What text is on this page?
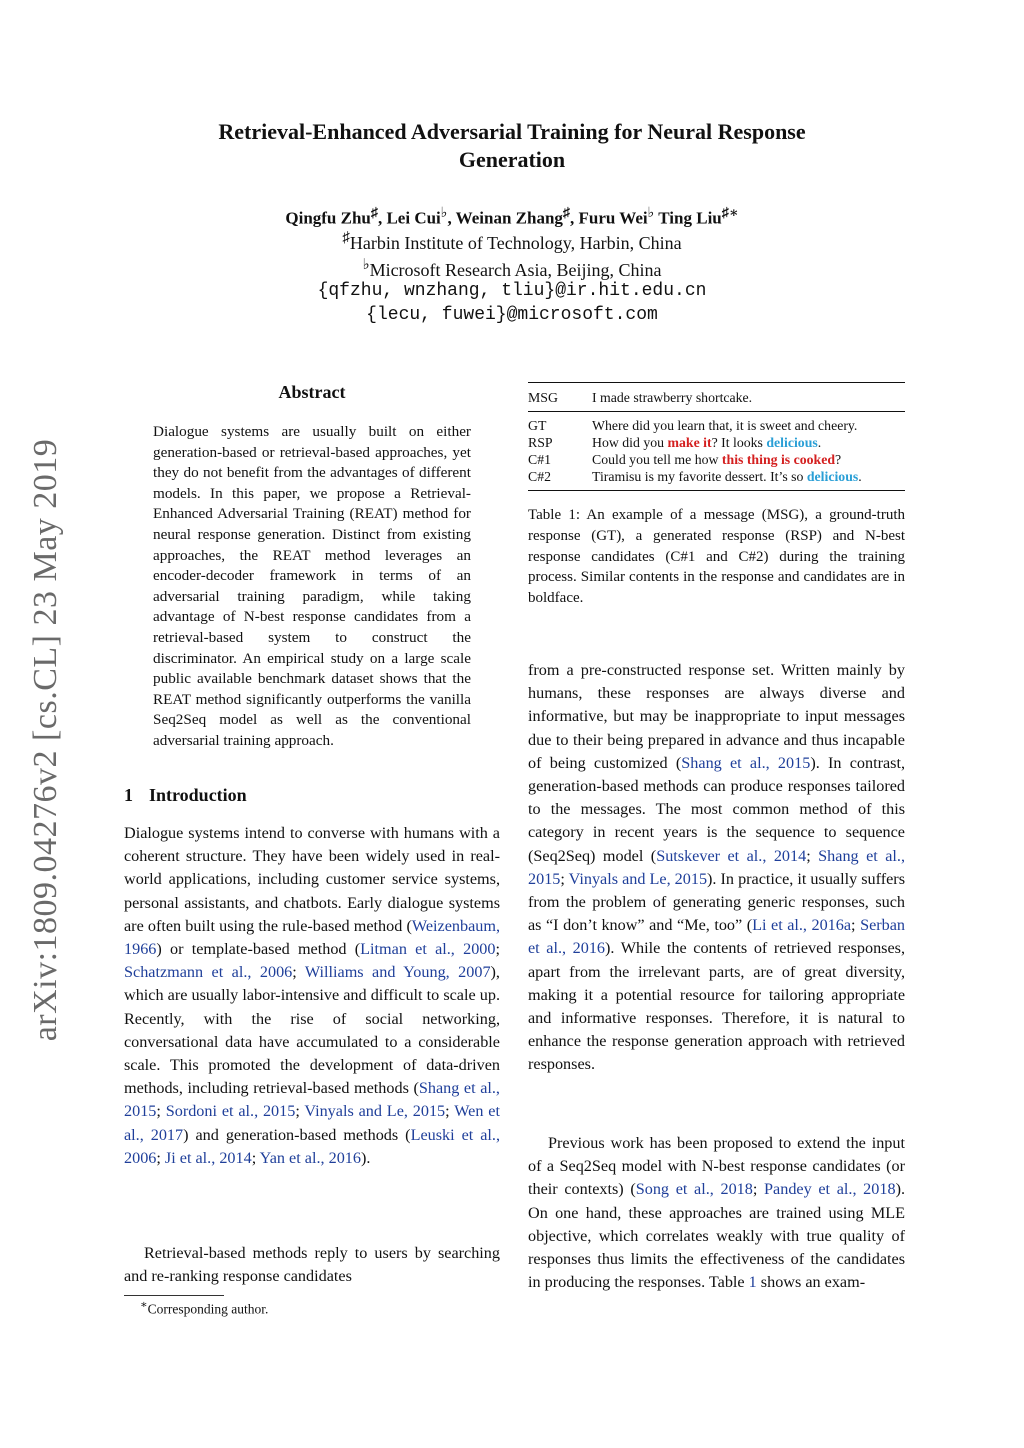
arXiv:1809.04276v2 [cs.CL] 23 May 2019
Retrieval-Enhanced Adversarial Training for Neural Response
Generation
Qingfu Zhu♯, Lei Cui♭, Weinan Zhang♯, Furu Wei♭ Ting Liu♯∗
♯Harbin Institute of Technology, Harbin, China
♭Microsoft Research Asia, Beijing, China
{qfzhu, wnzhang, tliu}@ir.hit.edu.cn
{lecu, fuwei}@microsoft.com
Abstract
Dialogue systems are usually built on either generation-based or retrieval-based approaches, yet they do not benefit from the advantages of different models. In this paper, we propose a Retrieval-Enhanced Adversarial Training (REAT) method for neural response generation. Distinct from existing approaches, the REAT method leverages an encoder-decoder framework in terms of an adversarial training paradigm, while taking advantage of N-best response candidates from a retrieval-based system to construct the discriminator. An empirical study on a large scale public available benchmark dataset shows that the REAT method significantly outperforms the vanilla Seq2Seq model as well as the conventional adversarial training approach.
1 Introduction
Dialogue systems intend to converse with humans with a coherent structure. They have been widely used in real-world applications, including customer service systems, personal assistants, and chatbots. Early dialogue systems are often built using the rule-based method (Weizenbaum, 1966) or template-based method (Litman et al., 2000; Schatzmann et al., 2006; Williams and Young, 2007), which are usually labor-intensive and difficult to scale up. Recently, with the rise of social networking, conversational data have accumulated to a considerable scale. This promoted the development of data-driven methods, including retrieval-based methods (Shang et al., 2015; Sordoni et al., 2015; Vinyals and Le, 2015; Wen et al., 2017) and generation-based methods (Leuski et al., 2006; Ji et al., 2014; Yan et al., 2016).
Retrieval-based methods reply to users by searching and re-ranking response candidates
∗Corresponding author.
MSG	I made strawberry shortcake.
GT	Where did you learn that, it is sweet and cheery.
RSP	How did you make it? It looks delicious.
C#1	Could you tell me how this thing is cooked?
C#2	Tiramisu is my favorite dessert. It’s so delicious.
Table 1: An example of a message (MSG), a ground-truth response (GT), a generated response (RSP) and N-best response candidates (C#1 and C#2) during the training process. Similar contents in the response and candidates are in boldface.
from a pre-constructed response set. Written mainly by humans, these responses are always diverse and informative, but may be inappropriate to input messages due to their being prepared in advance and thus incapable of being customized (Shang et al., 2015). In contrast, generation-based methods can produce responses tailored to the messages. The most common method of this category in recent years is the sequence to sequence (Seq2Seq) model (Sutskever et al., 2014; Shang et al., 2015; Vinyals and Le, 2015). In practice, it usually suffers from the problem of generating generic responses, such as “I don’t know” and “Me, too” (Li et al., 2016a; Serban et al., 2016). While the contents of retrieved responses, apart from the irrelevant parts, are of great diversity, making it a potential resource for tailoring appropriate and informative responses. Therefore, it is natural to enhance the response generation approach with retrieved responses.
Previous work has been proposed to extend the input of a Seq2Seq model with N-best response candidates (or their contexts) (Song et al., 2018; Pandey et al., 2018). On one hand, these approaches are trained using MLE objective, which correlates weakly with true quality of responses thus limits the effectiveness of the candidates in producing the responses. Table 1 shows an exam-
